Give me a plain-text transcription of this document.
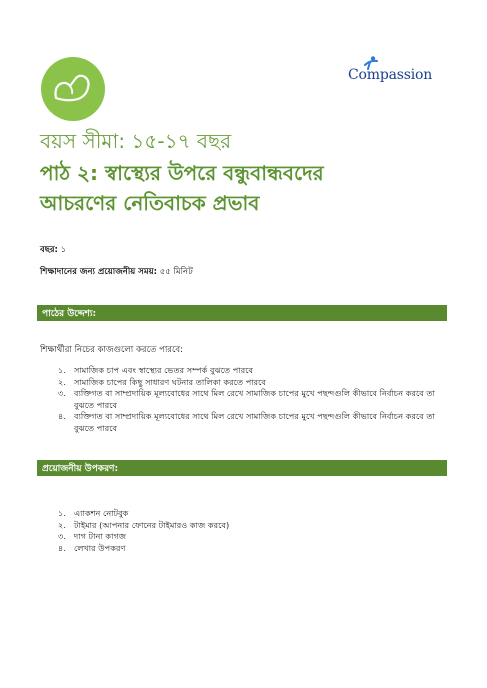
Compassion
বয়স সীমা: ১৫-১৭ বছর
পাঠ ২: স্বাস্থ্যের উপরে বন্ধুবান্ধবদের
আচরণের নেতিবাচক প্রভাব
বছর: ১
শিক্ষাদানের জন্য প্রয়োজনীয় সময়: ৫৫ মিনিট
পাঠের উদ্দেশ্য:
শিক্ষার্থীরা নিচের কাজগুলো করতে পারবে:
১. সামাজিক চাপ এবং স্বাস্থ্যের ভেতর সম্পর্ক বুঝতে পারবে
২. সামাজিক চাপের কিছু সাধারণ ঘটনার তালিকা করতে পারবে
৩. ব্যক্তিগত বা সাম্প্রদায়িক মূল্যবোধের সাথে মিল রেখে সামাজিক চাপের মুখে পছন্দগুলি কীভাবে নির্বাচন করবে তা বুঝতে পারবে
৪. ব্যক্তিগত বা সাম্প্রদায়িক মূল্যবোধের সাথে মিল রেখে সামাজিক চাপের মুখে পছন্দগুলি কীভাবে নির্বাচন করবে তা বুঝতে পারবে
প্রয়োজনীয় উপকরণ:
১. এ্যাকশন নোটবুক
২. টাইমার (আপনার ফোনের টাইমারও কাজ করবে)
৩. দাগ টানা কাগজ
৪. লেখার উপকরণ
